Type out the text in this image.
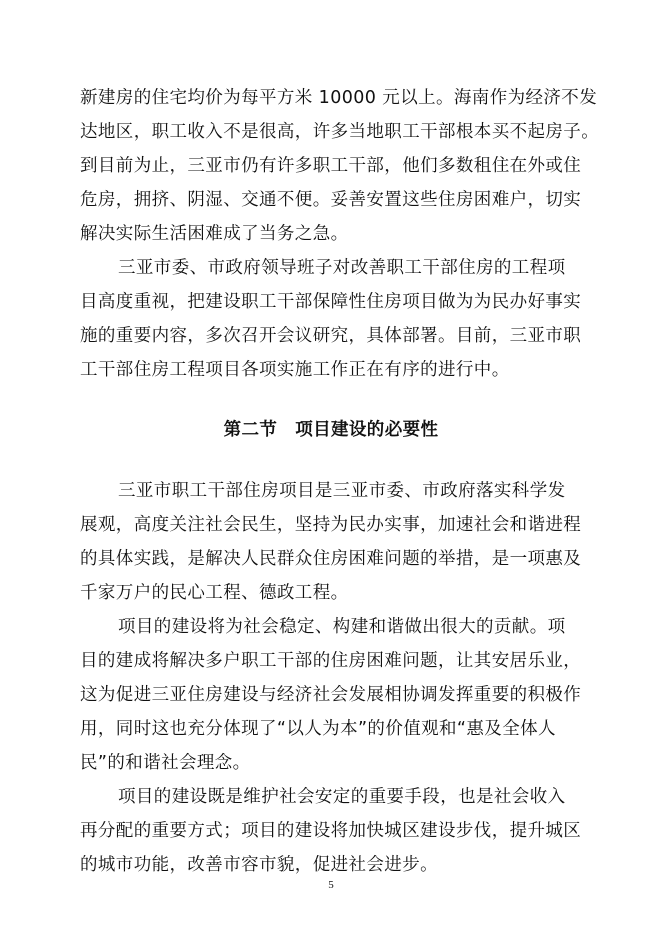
新建房的住宅均价为每平方米 10000 元以上。海南作为经济不发
达地区，职工收入不是很高，许多当地职工干部根本买不起房子。
到目前为止，三亚市仍有许多职工干部，他们多数租住在外或住
危房，拥挤、阴湿、交通不便。妥善安置这些住房困难户，切实
解决实际生活困难成了当务之急。
三亚市委、市政府领导班子对改善职工干部住房的工程项
目高度重视，把建设职工干部保障性住房项目做为为民办好事实
施的重要内容，多次召开会议研究，具体部署。目前，三亚市职
工干部住房工程项目各项实施工作正在有序的进行中。
第二节　项目建设的必要性
三亚市职工干部住房项目是三亚市委、市政府落实科学发
展观，高度关注社会民生，坚持为民办实事，加速社会和谐进程
的具体实践，是解决人民群众住房困难问题的举措，是一项惠及
千家万户的民心工程、德政工程。
项目的建设将为社会稳定、构建和谐做出很大的贡献。项
目的建成将解决多户职工干部的住房困难问题，让其安居乐业，
这为促进三亚住房建设与经济社会发展相协调发挥重要的积极作
用，同时这也充分体现了“以人为本”的价值观和“惠及全体人
民”的和谐社会理念。
项目的建设既是维护社会安定的重要手段，也是社会收入
再分配的重要方式；项目的建设将加快城区建设步伐，提升城区
的城市功能，改善市容市貌，促进社会进步。
5
